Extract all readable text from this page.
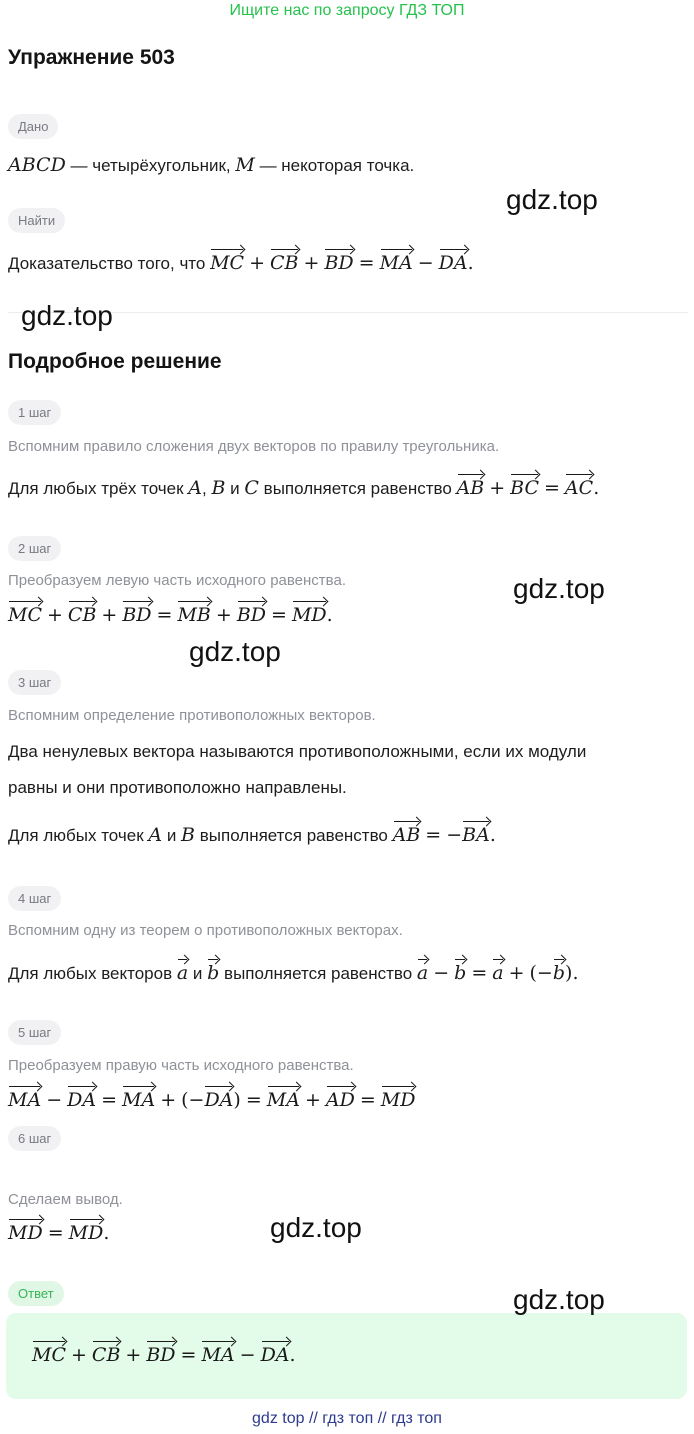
Ищите нас по запросу ГДЗ ТОП
Упражнение 503
Дано
ABCD — четырёхугольник, M — некоторая точка.
Найти
Доказательство того, что MC + CB + BD = MA − DA.
Подробное решение
1 шаг
Вспомним правило сложения двух векторов по правилу треугольника.
Для любых трёх точек A, B и C выполняется равенство AB + BC = AC.
2 шаг
Преобразуем левую часть исходного равенства.
MC + CB + BD = MB + BD = MD.
3 шаг
Вспомним определение противоположных векторов.
Два ненулевых вектора называются противоположными, если их модули
равны и они противоположно направлены.
Для любых точек A и B выполняется равенство AB = −BA.
4 шаг
Вспомним одну из теорем о противоположных векторах.
Для любых векторов a и b выполняется равенство a − b = a + (−b).
5 шаг
Преобразуем правую часть исходного равенства.
MA − DA = MA + (−DA) = MA + AD = MD
6 шаг
Сделаем вывод.
MD = MD.
Ответ
MC + CB + BD = MA − DA.
gdz.top
gdz.top
gdz.top
gdz.top
gdz.top
gdz.top
gdz top // гдз топ // гдз топ
